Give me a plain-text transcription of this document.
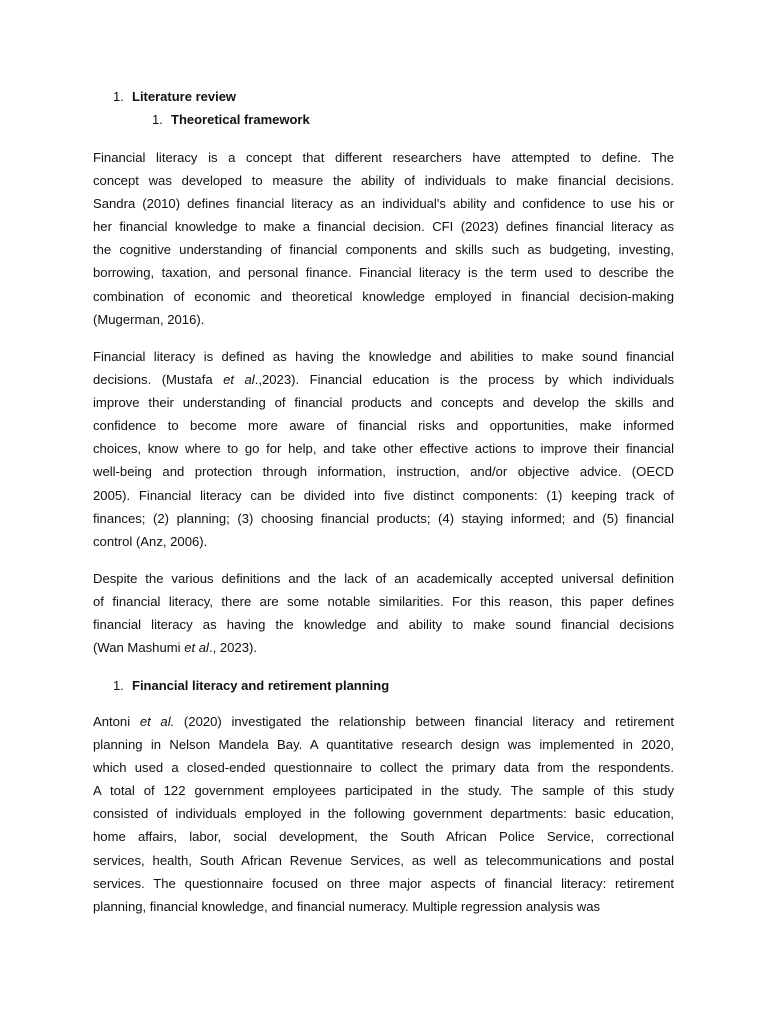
1. Literature review
1. Theoretical framework
Financial literacy is a concept that different researchers have attempted to define. The
concept was developed to measure the ability of individuals to make financial decisions.
Sandra (2010) defines financial literacy as an individual's ability and confidence to use his or
her financial knowledge to make a financial decision. CFI (2023) defines financial literacy as
the cognitive understanding of financial components and skills such as budgeting, investing,
borrowing, taxation, and personal finance. Financial literacy is the term used to describe the
combination of economic and theoretical knowledge employed in financial decision-making
(Mugerman, 2016).
Financial literacy is defined as having the knowledge and abilities to make sound financial
decisions. (Mustafa et al.,2023). Financial education is the process by which individuals
improve their understanding of financial products and concepts and develop the skills and
confidence to become more aware of financial risks and opportunities, make informed
choices, know where to go for help, and take other effective actions to improve their financial
well-being and protection through information, instruction, and/or objective advice. (OECD
2005). Financial literacy can be divided into five distinct components: (1) keeping track of
finances; (2) planning; (3) choosing financial products; (4) staying informed; and (5) financial
control (Anz, 2006).
Despite the various definitions and the lack of an academically accepted universal definition
of financial literacy, there are some notable similarities. For this reason, this paper defines
financial literacy as having the knowledge and ability to make sound financial decisions
(Wan Mashumi et al., 2023).
1. Financial literacy and retirement planning
Antoni et al. (2020) investigated the relationship between financial literacy and retirement
planning in Nelson Mandela Bay. A quantitative research design was implemented in 2020,
which used a closed-ended questionnaire to collect the primary data from the respondents.
A total of 122 government employees participated in the study. The sample of this study
consisted of individuals employed in the following government departments: basic education,
home affairs, labor, social development, the South African Police Service, correctional
services, health, South African Revenue Services, as well as telecommunications and postal
services. The questionnaire focused on three major aspects of financial literacy: retirement
planning, financial knowledge, and financial numeracy. Multiple regression analysis was
